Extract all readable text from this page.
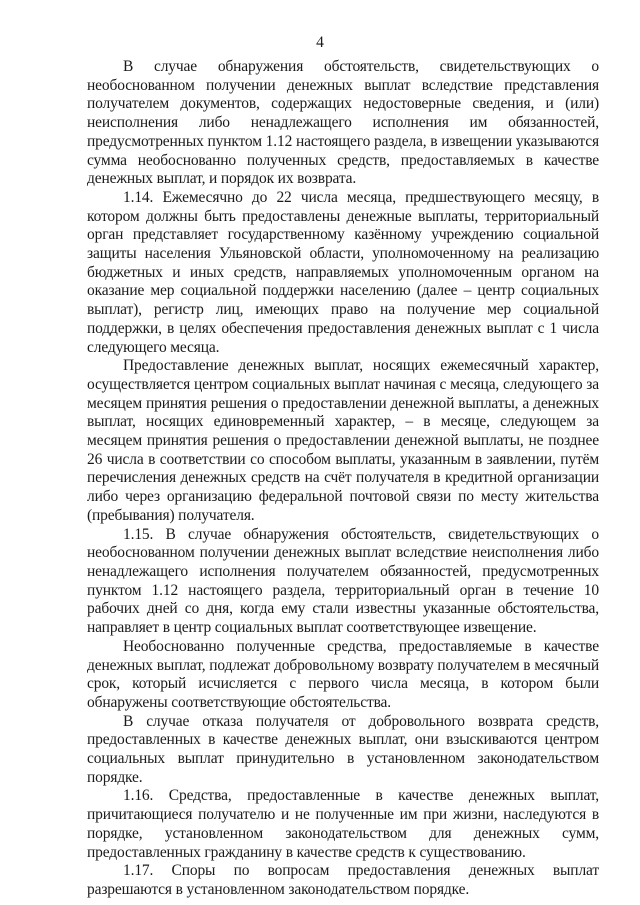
4

В случае обнаружения обстоятельств, свидетельствующих о необоснованном получении денежных выплат вследствие представления получателем документов, содержащих недостоверные сведения, и (или) неисполнения либо ненадлежащего исполнения им обязанностей, предусмотренных пунктом 1.12 настоящего раздела, в извещении указываются сумма необоснованно полученных средств, предоставляемых в качестве денежных выплат, и порядок их возврата.

1.14. Ежемесячно до 22 числа месяца, предшествующего месяцу, в котором должны быть предоставлены денежные выплаты, территориальный орган представляет государственному казённому учреждению социальной защиты населения Ульяновской области, уполномоченному на реализацию бюджетных и иных средств, направляемых уполномоченным органом на оказание мер социальной поддержки населению (далее – центр социальных выплат), регистр лиц, имеющих право на получение мер социальной поддержки, в целях обеспечения предоставления денежных выплат с 1 числа следующего месяца.

Предоставление денежных выплат, носящих ежемесячный характер, осуществляется центром социальных выплат начиная с месяца, следующего за месяцем принятия решения о предоставлении денежной выплаты, а денежных выплат, носящих единовременный характер, – в месяце, следующем за месяцем принятия решения о предоставлении денежной выплаты, не позднее 26 числа в соответствии со способом выплаты, указанным в заявлении, путём перечисления денежных средств на счёт получателя в кредитной организации либо через организацию федеральной почтовой связи по месту жительства (пребывания) получателя.

1.15. В случае обнаружения обстоятельств, свидетельствующих о необоснованном получении денежных выплат вследствие неисполнения либо ненадлежащего исполнения получателем обязанностей, предусмотренных пунктом 1.12 настоящего раздела, территориальный орган в течение 10 рабочих дней со дня, когда ему стали известны указанные обстоятельства, направляет в центр социальных выплат соответствующее извещение.

Необоснованно полученные средства, предоставляемые в качестве денежных выплат, подлежат добровольному возврату получателем в месячный срок, который исчисляется с первого числа месяца, в котором были обнаружены соответствующие обстоятельства.

В случае отказа получателя от добровольного возврата средств, предоставленных в качестве денежных выплат, они взыскиваются центром социальных выплат принудительно в установленном законодательством порядке.

1.16. Средства, предоставленные в качестве денежных выплат, причитающиеся получателю и не полученные им при жизни, наследуются в порядке, установленном законодательством для денежных сумм, предоставленных гражданину в качестве средств к существованию.

1.17. Споры по вопросам предоставления денежных выплат разрешаются в установленном законодательством порядке.
